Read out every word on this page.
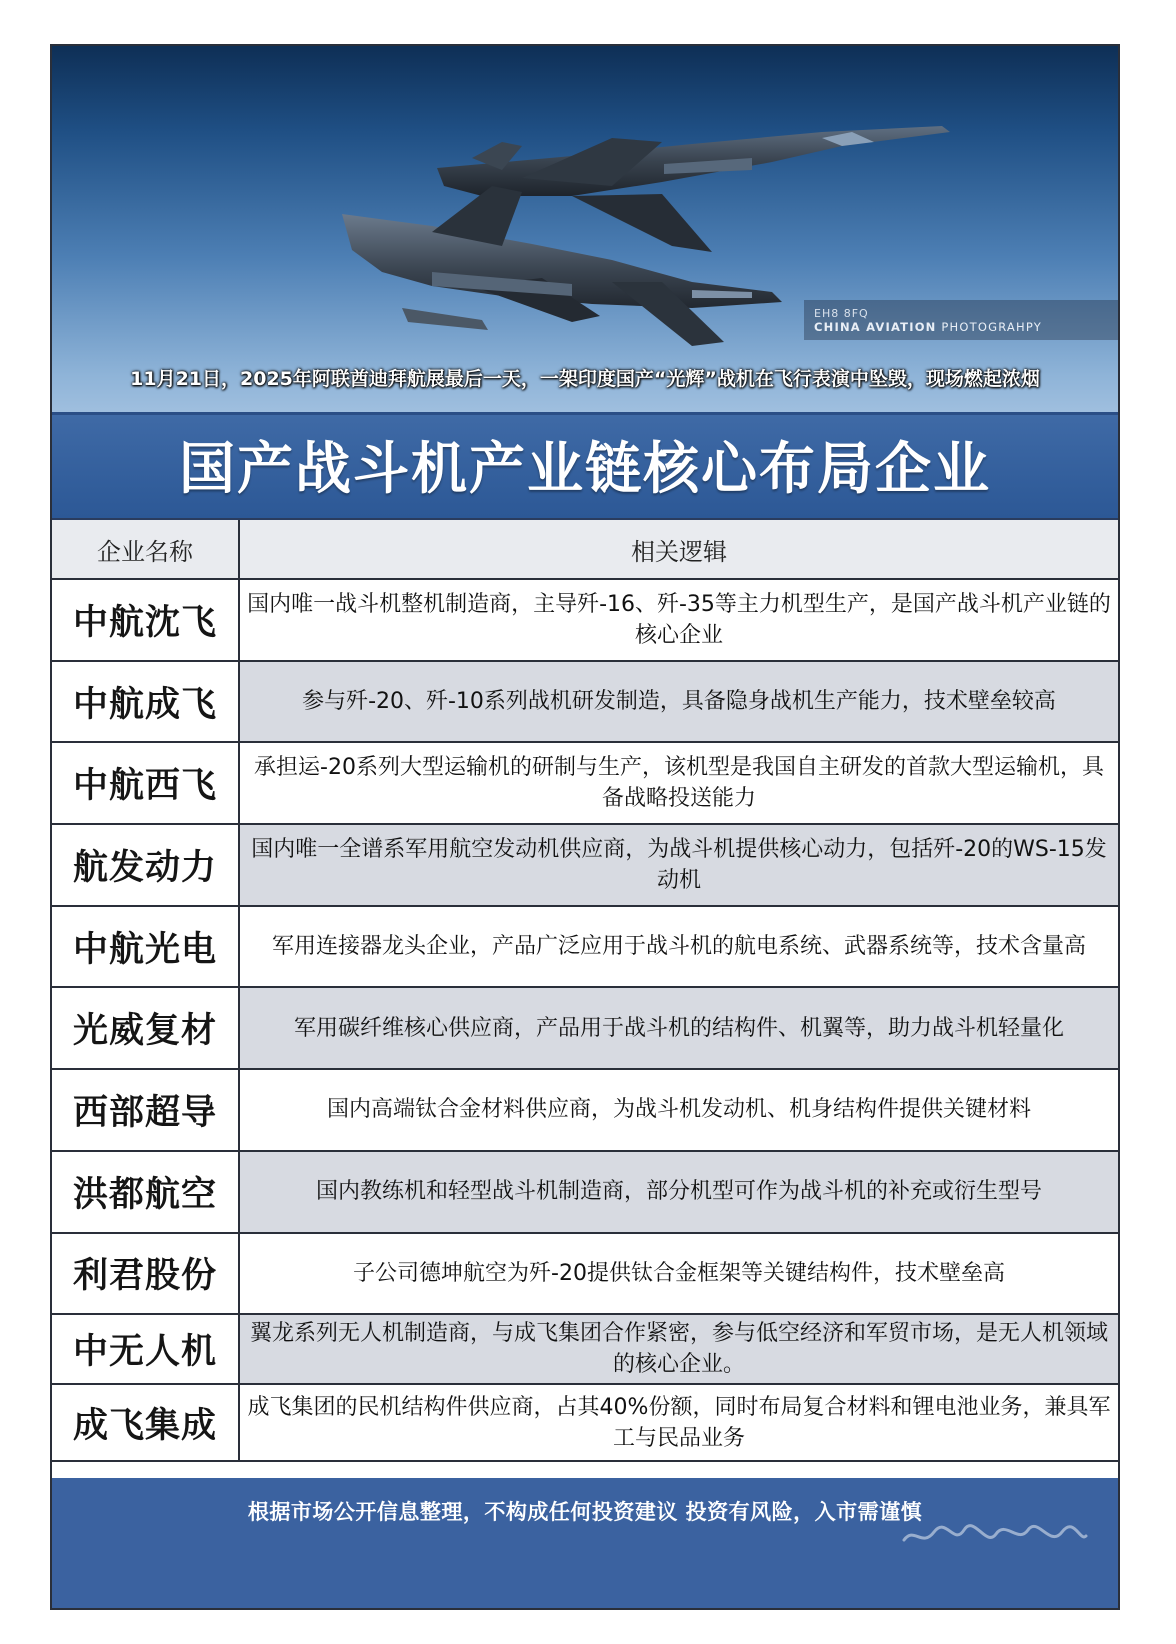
EH8 8FQ
CHINA AVIATION PHOTOGRAHPY
11月21日，2025年阿联酋迪拜航展最后一天，一架印度国产“光辉”战机在飞行表演中坠毁，现场燃起浓烟
国产战斗机产业链核心布局企业
企业名称	相关逻辑
中航沈飞 国内唯一战斗机整机制造商，主导歼-16、歼-35等主力机型生产，是国产战斗机产业链的核心企业
中航成飞	参与歼-20、歼-10系列战机研发制造，具备隐身战机生产能力，技术壁垒较高
中航西飞	承担运-20系列大型运输机的研制与生产，该机型是我国自主研发的首款大型运输机，具备战略投送能力
航发动力 国内唯一全谱系军用航空发动机供应商，为战斗机提供核心动力，包括歼-20的WS-15发动机
中航光电 军用连接器龙头企业，产品广泛应用于战斗机的航电系统、武器系统等，技术含量高
光威复材	军用碳纤维核心供应商，产品用于战斗机的结构件、机翼等，助力战斗机轻量化
西部超导	国内高端钛合金材料供应商，为战斗机发动机、机身结构件提供关键材料
洪都航空	国内教练机和轻型战斗机制造商，部分机型可作为战斗机的补充或衍生型号
利君股份	子公司德坤航空为歼-20提供钛合金框架等关键结构件，技术壁垒高
中无人机 翼龙系列无人机制造商，与成飞集团合作紧密，参与低空经济和军贸市场，是无人机领域的核心企业。
成飞集成 成飞集团的民机结构件供应商，占其40%份额，同时布局复合材料和锂电池业务，兼具军工与民品业务
根据市场公开信息整理，不构成任何投资建议 投资有风险，入市需谨慎
